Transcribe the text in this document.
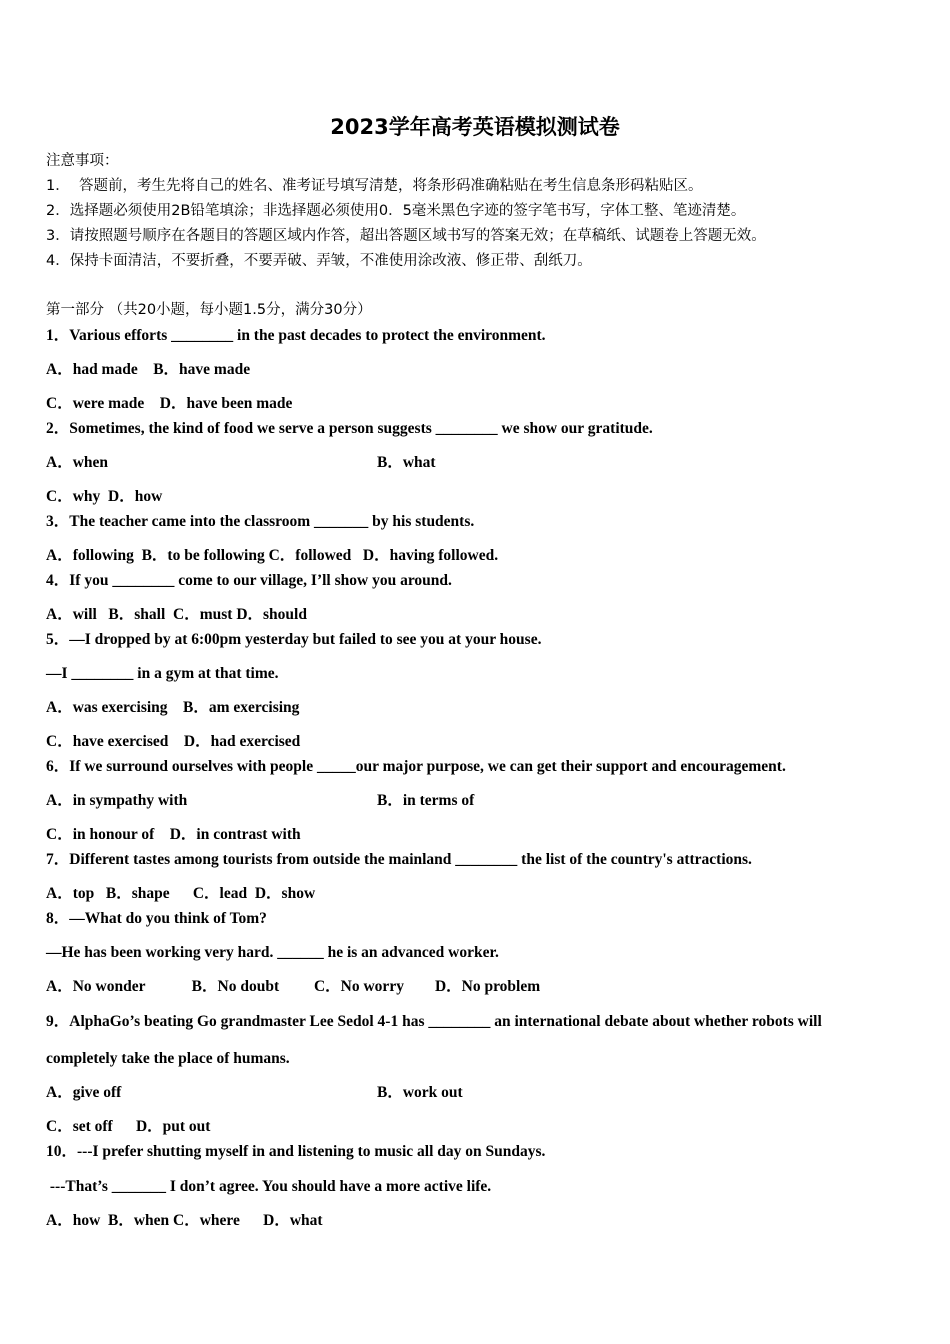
2023学年高考英语模拟测试卷
注意事项：
1．  答题前，考生先将自己的姓名、准考证号填写清楚，将条形码准确粘贴在考生信息条形码粘贴区。
2．选择题必须使用2B铅笔填涂；非选择题必须使用0．5毫米黑色字迹的签字笔书写，字体工整、笔迹清楚。
3．请按照题号顺序在各题目的答题区域内作答，超出答题区域书写的答案无效；在草稿纸、试题卷上答题无效。
4．保持卡面清洁，不要折叠，不要弄破、弄皱，不准使用涂改液、修正带、刮纸刀。
第一部分 （共20小题，每小题1.5分，满分30分）
1．Various efforts ________ in the past decades to protect the environment.
A．had made    B．have made
C．were made    D．have been made
2．Sometimes, the kind of food we serve a person suggests ________ we show our gratitude.
A．when	B．what
C．why  D．how
3．The teacher came into the classroom _______ by his students.
A．following  B．to be following C．followed   D．having followed.
4．If you ________ come to our village, I’ll show you around.
A．will   B．shall  C．must D．should
5．—I dropped by at 6:00pm yesterday but failed to see you at your house.
—I ________ in a gym at that time.
A．was exercising    B．am exercising
C．have exercised    D．had exercised
6．If we surround ourselves with people _____our major purpose, we can get their support and encouragement.
A．in sympathy with	B．in terms of
C．in honour of    D．in contrast with
7．Different tastes among tourists from outside the mainland ________ the list of the country's attractions.
A．top   B．shape      C．lead  D．show
8．—What do you think of Tom?
—He has been working very hard. ______ he is an advanced worker.
A．No wonder            B．No doubt         C．No worry        D．No problem
9．AlphaGo’s beating Go grandmaster Lee Sedol 4-1 has ________ an international debate about whether robots will
completely take the place of humans.
A．give off	B．work out
C．set off      D．put out
10．---I prefer shutting myself in and listening to music all day on Sundays.
---That’s _______ I don’t agree. You should have a more active life.
A．how  B．when C．where      D．what
